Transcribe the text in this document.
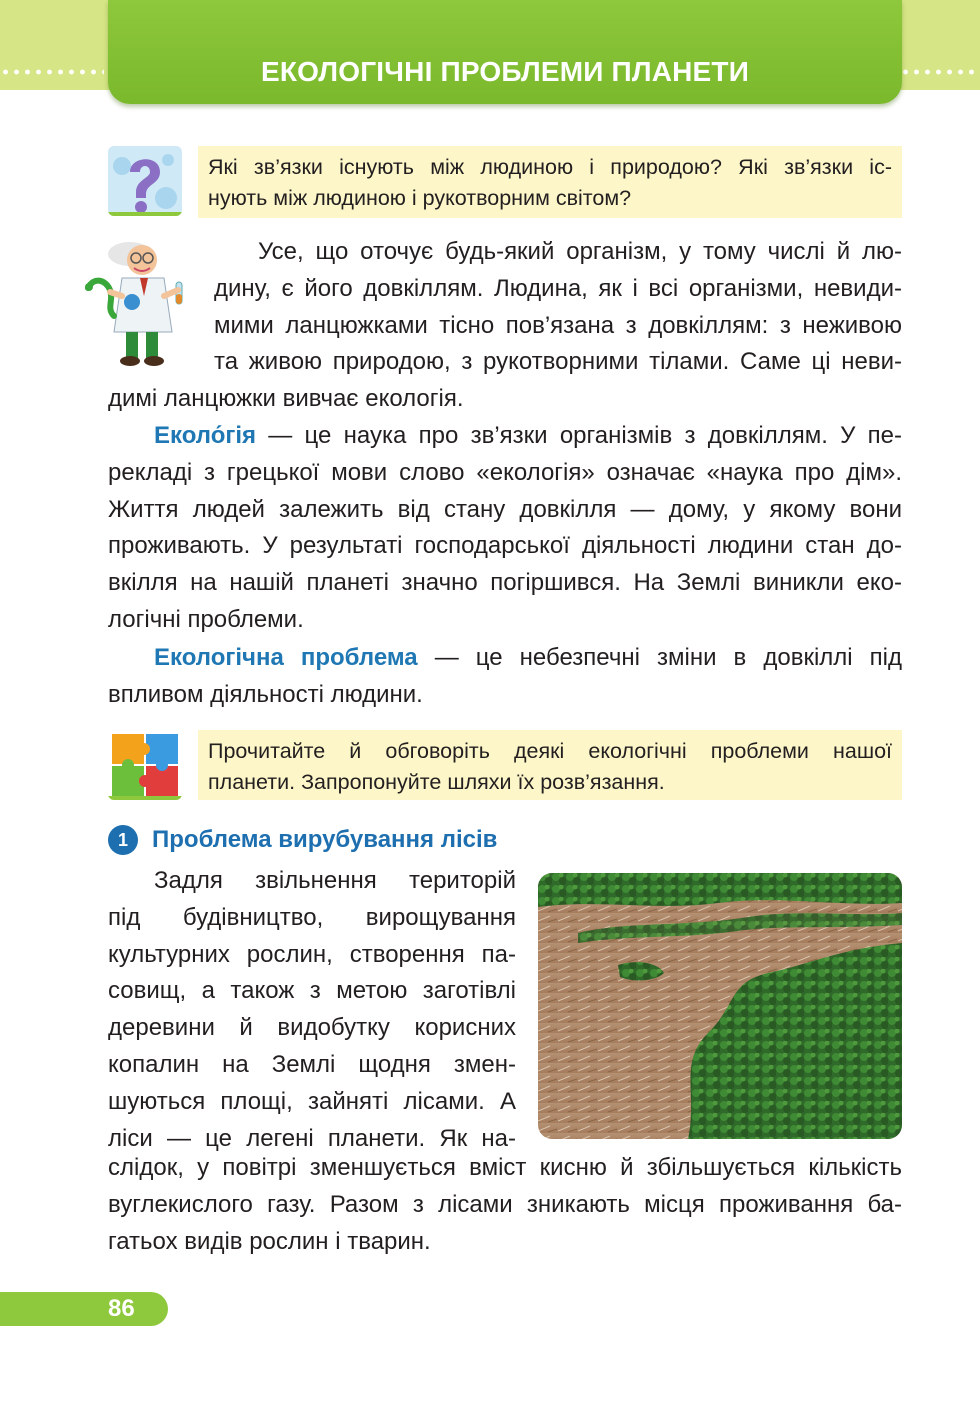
ЕКОЛОГІЧНІ ПРОБЛЕМИ ПЛАНЕТИ
Які зв’язки існують між людиною і природою? Які зв’язки іс-
нують між людиною і рукотворним світом?
Усе, що оточує будь-який організм, у тому числі й лю-
дину, є його довкіллям. Людина, як і всі організми, невиди-
мими ланцюжками тісно пов’язана з довкіллям: з неживою
та живою природою, з рукотворними тілами. Саме ці неви-
димі ланцюжки вивчає екологія.
Еколо́гія — це наука про зв’язки організмів з довкіллям. У пе-
рекладі з грецької мови слово «екологія» означає «наука про дім».
Життя людей залежить від стану довкілля — дому, у якому вони
проживають. У результаті господарської діяльності людини стан до-
вкілля на нашій планеті значно погіршився. На Землі виникли еко-
логічні проблеми.
Екологічна проблема — це небезпечні зміни в довкіллі під
впливом діяльності людини.
Прочитайте й обговоріть деякі екологічні проблеми нашої
планети. Запропонуйте шляхи їх розв’язання.
1	Проблема вирубування лісів
Задля звільнення територій
під будівництво, вирощування
культурних рослин, створення па-
совищ, а також з метою заготівлі
деревини й видобутку корисних
копалин на Землі щодня змен-
шуються площі, зайняті лісами. А
ліси — це легені планети. Як на-
слідок, у повітрі зменшується вміст кисню й збільшується кількість
вуглекислого газу. Разом з лісами зникають місця проживання ба-
гатьох видів рослин і тварин.
86
